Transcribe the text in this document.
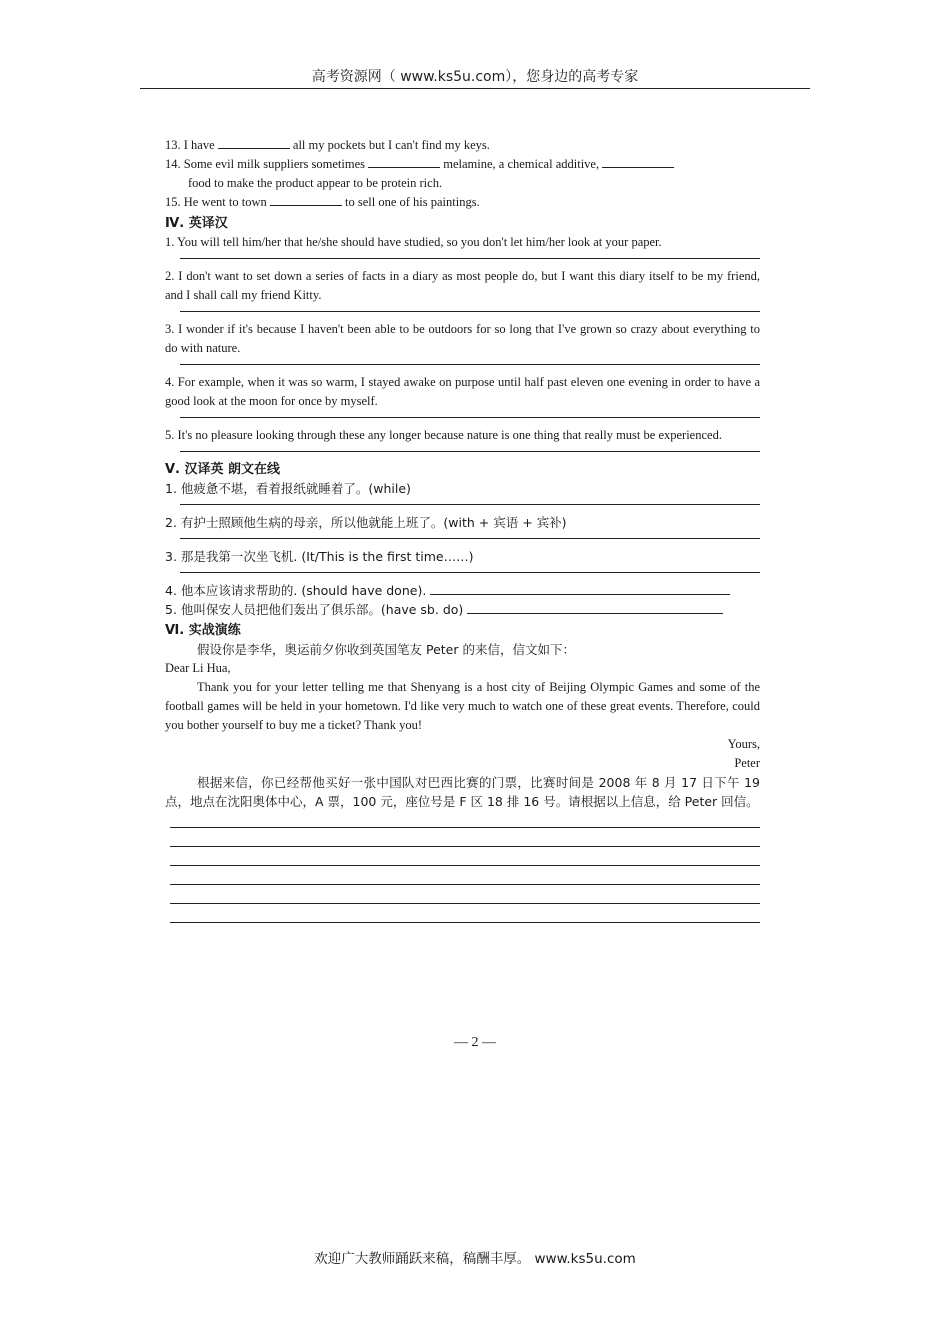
高考资源网（ www.ks5u.com），您身边的高考专家
13. I have	all my pockets but I can't find my keys.
14. Some evil milk suppliers sometimes	melamine, a chemical additive,
food to make the product appear to be protein rich.
15. He went to town	to sell one of his paintings.
Ⅳ. 英译汉
1. You will tell him/her that he/she should have studied, so you don't let him/her look at your paper.
2. I don't want to set down a series of facts in a diary as most people do, but I want this diary itself to be my friend, and I shall call my friend Kitty.
3. I wonder if it's because I haven't been able to be outdoors for so long that I've grown so crazy about everything to do with nature.
4. For example, when it was so warm, I stayed awake on purpose until half past eleven one evening in order to have a good look at the moon for once by myself.
5. It's no pleasure looking through these any longer because nature is one thing that really must be experienced.
Ⅴ. 汉译英 朗文在线
1. 他疲惫不堪，看着报纸就睡着了。(while)
2. 有护士照顾他生病的母亲，所以他就能上班了。(with + 宾语 + 宾补)
3. 那是我第一次坐飞机. (It/This is the first time……)
4. 他本应该请求帮助的. (should have done).
5. 他叫保安人员把他们轰出了俱乐部。(have sb. do)
Ⅵ. 实战演练
假设你是李华，奥运前夕你收到英国笔友 Peter 的来信，信文如下：
Dear Li Hua,
Thank you for your letter telling me that Shenyang is a host city of Beijing Olympic Games and some of the football games will be held in your hometown. I'd like very much to watch one of these great events. Therefore, could you bother yourself to buy me a ticket? Thank you!
Yours,
Peter
根据来信，你已经帮他买好一张中国队对巴西比赛的门票，比赛时间是 2008 年 8 月 17 日下午 19 点，地点在沈阳奥体中心，A 票，100 元，座位号是 F 区 18 排 16 号。请根据以上信息，给 Peter 回信。
— 2 —
欢迎广大教师踊跃来稿，稿酬丰厚。 www.ks5u.com
